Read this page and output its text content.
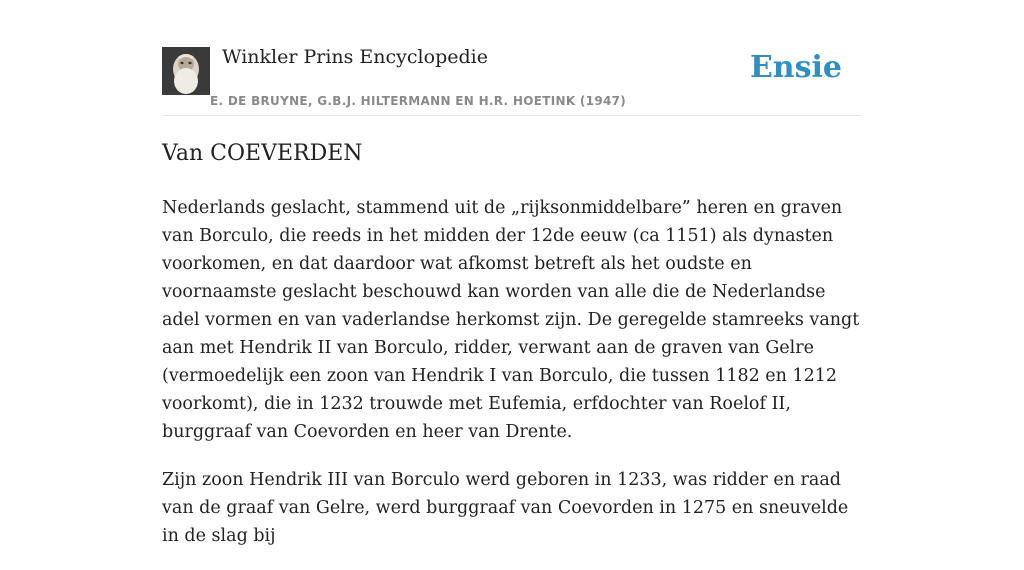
Winkler Prins Encyclopedie
E. DE BRUYNE, G.B.J. HILTERMANN EN H.R. HOETINK (1947)
Ensie
Van COEVERDEN

Nederlands geslacht, stammend uit de „rijksonmiddelbare” heren en graven van Borculo, die reeds in het midden der 12de eeuw (ca 1151) als dynasten voorkomen, en dat daardoor wat afkomst betreft als het oudste en voornaamste geslacht beschouwd kan worden van alle die de Nederlandse adel vormen en van vaderlandse herkomst zijn. De geregelde stamreeks vangt aan met Hendrik II van Borculo, ridder, verwant aan de graven van Gelre (vermoedelijk een zoon van Hendrik I van Borculo, die tussen 1182 en 1212 voorkomt), die in 1232 trouwde met Eufemia, erfdochter van Roelof II, burggraaf van Coevorden en heer van Drente.

Zijn zoon Hendrik III van Borculo werd geboren in 1233, was ridder en raad van de graaf van Gelre, werd burggraaf van Coevorden in 1275 en sneuvelde in de slag bij
